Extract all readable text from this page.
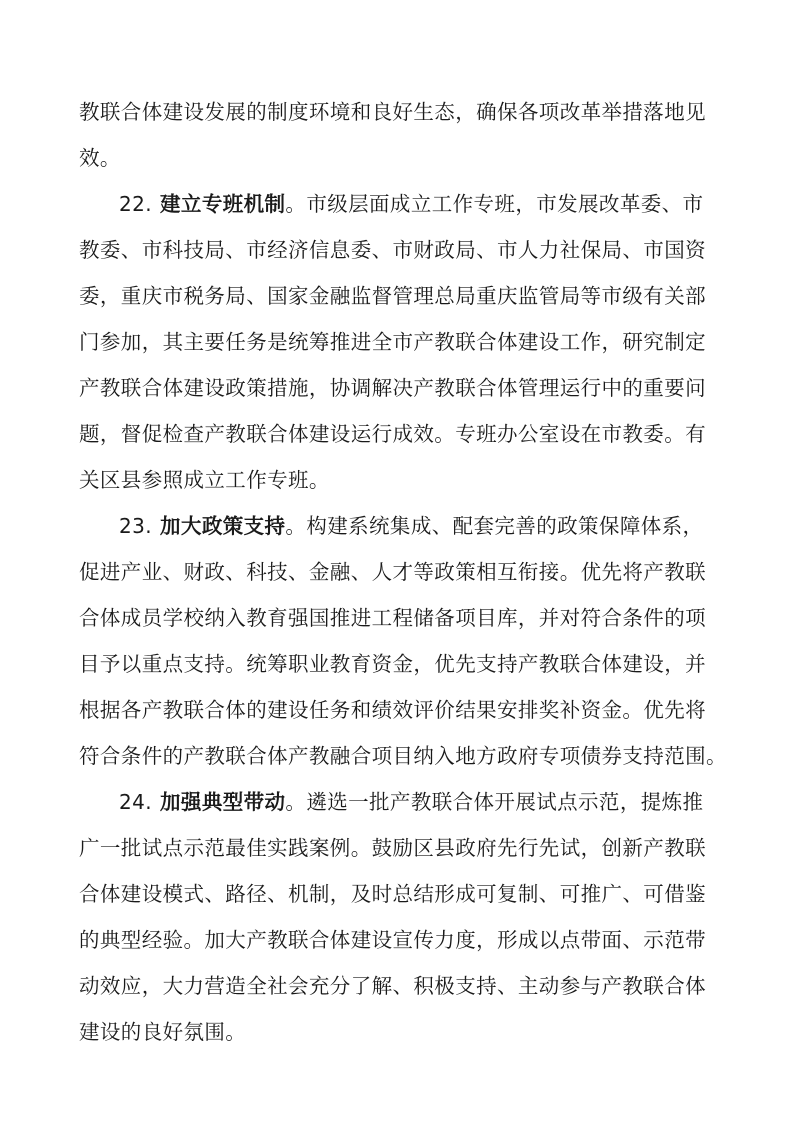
教联合体建设发展的制度环境和良好生态，确保各项改革举措落地见
效。
22. 建立专班机制。市级层面成立工作专班，市发展改革委、市
教委、市科技局、市经济信息委、市财政局、市人力社保局、市国资
委，重庆市税务局、国家金融监督管理总局重庆监管局等市级有关部
门参加，其主要任务是统筹推进全市产教联合体建设工作，研究制定
产教联合体建设政策措施，协调解决产教联合体管理运行中的重要问
题，督促检查产教联合体建设运行成效。专班办公室设在市教委。有
关区县参照成立工作专班。
23. 加大政策支持。构建系统集成、配套完善的政策保障体系，
促进产业、财政、科技、金融、人才等政策相互衔接。优先将产教联
合体成员学校纳入教育强国推进工程储备项目库，并对符合条件的项
目予以重点支持。统筹职业教育资金，优先支持产教联合体建设，并
根据各产教联合体的建设任务和绩效评价结果安排奖补资金。优先将
符合条件的产教联合体产教融合项目纳入地方政府专项债券支持范围。
24. 加强典型带动。遴选一批产教联合体开展试点示范，提炼推
广一批试点示范最佳实践案例。鼓励区县政府先行先试，创新产教联
合体建设模式、路径、机制，及时总结形成可复制、可推广、可借鉴
的典型经验。加大产教联合体建设宣传力度，形成以点带面、示范带
动效应，大力营造全社会充分了解、积极支持、主动参与产教联合体
建设的良好氛围。
